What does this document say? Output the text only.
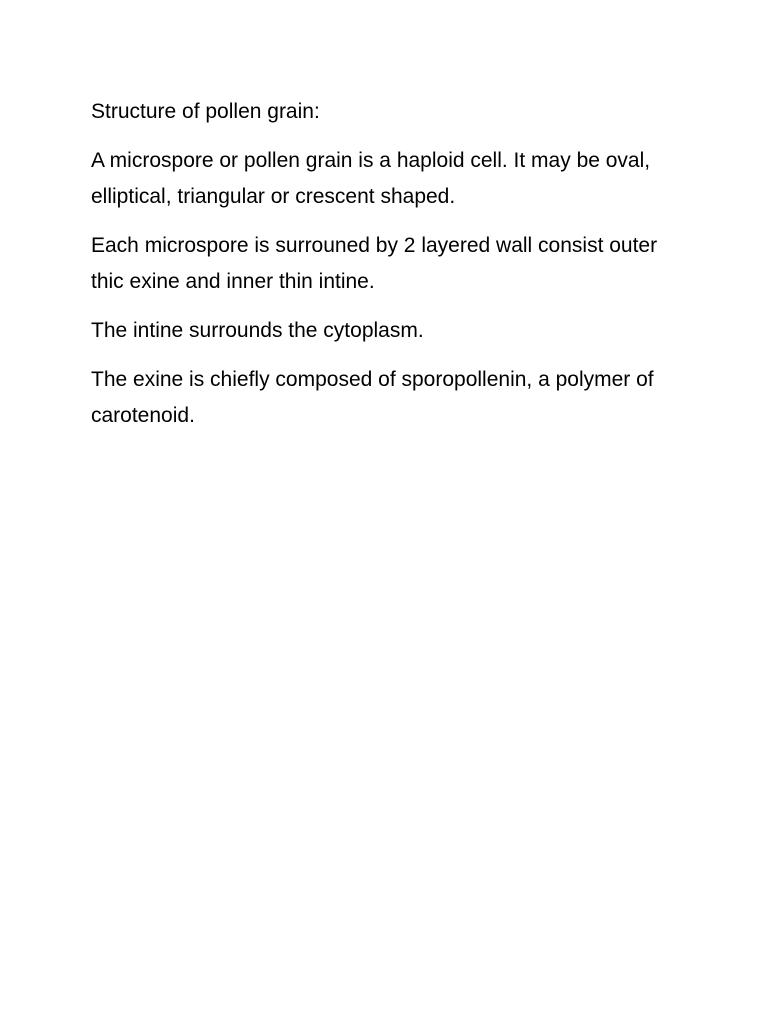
Structure of pollen grain:

A microspore or pollen grain is a haploid cell. It may be oval, elliptical, triangular or crescent shaped.

Each microspore is surrouned by 2 layered wall consist outer thic exine and inner thin intine.

The intine surrounds the cytoplasm.

The exine is chiefly composed of sporopollenin, a polymer of carotenoid.
